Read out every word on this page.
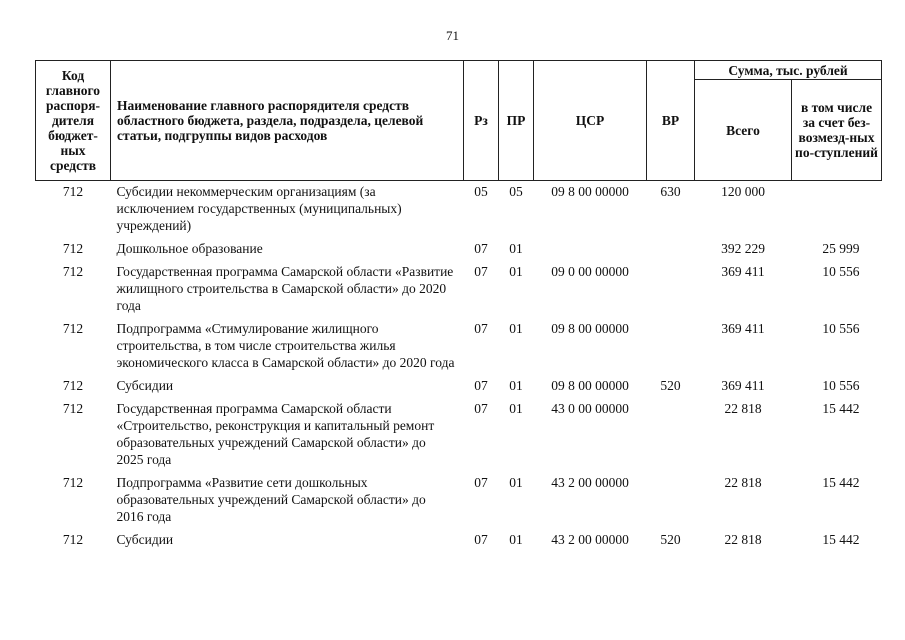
71
Код главного распоря-дителя бюджет-ных средств	Наименование главного распорядителя средств областного бюджета, раздела, подраздела, целевой статьи, подгруппы видов расходов	Рз	ПР	ЦСР	ВР	Сумма, тыс. рублей	
						Всего	в том числе за счет без-возмезд-ных по-ступлений
712	Субсидии некоммерческим организациям (за исключением государственных (муниципальных) учреждений)	05	05	09 8 00 00000	630	120 000	
712	Дошкольное образование	07	01			392 229	25 999
712	Государственная программа Самарской области «Развитие жилищного строительства в Самарской области» до 2020 года	07	01	09 0 00 00000		369 411	10 556
712	Подпрограмма «Стимулирование жилищного строительства, в том числе строительства жилья экономического класса в Самарской области» до 2020 года	07	01	09 8 00 00000		369 411	10 556
712	Субсидии	07	01	09 8 00 00000	520	369 411	10 556
712	Государственная программа Самарской области «Строительство, реконструкция и капитальный ремонт образовательных учреждений Самарской области» до 2025 года	07	01	43 0 00 00000		22 818	15 442
712	Подпрограмма «Развитие сети дошкольных образовательных учреждений Самарской области» до 2016 года	07	01	43 2 00 00000		22 818	15 442
712	Субсидии	07	01	43 2 00 00000	520	22 818	15 442
